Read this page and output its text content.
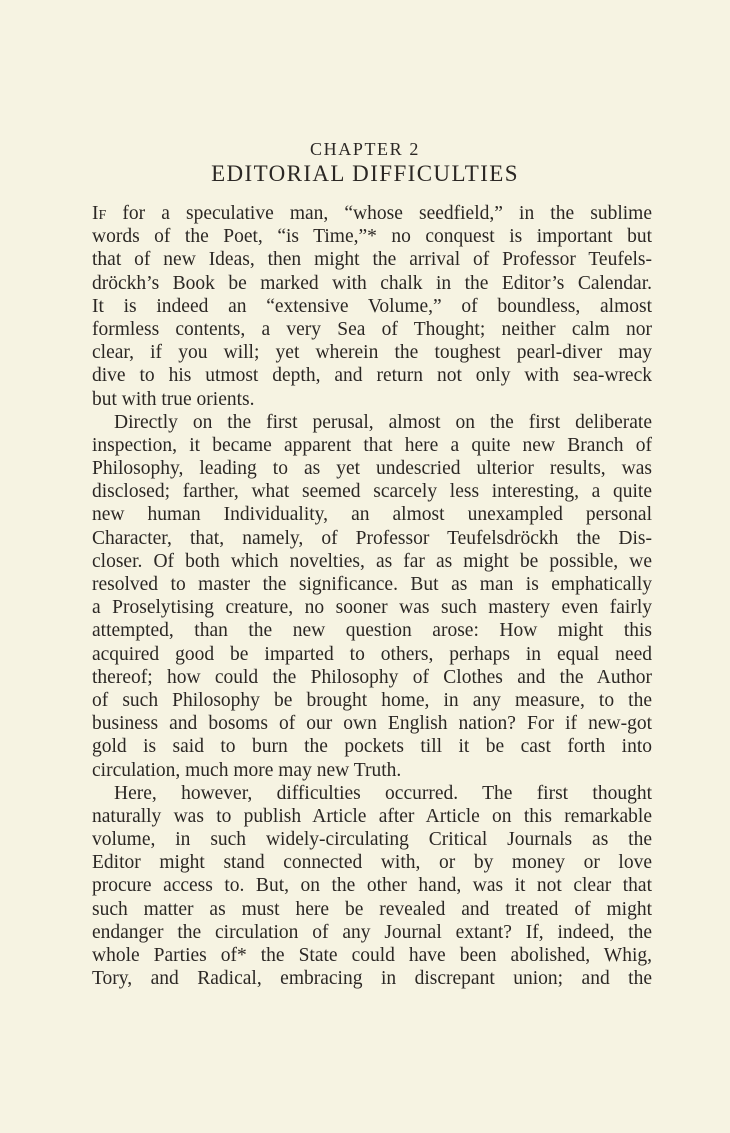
CHAPTER 2
EDITORIAL DIFFICULTIES
If for a speculative man, “whose seedfield,” in the sublime
words of the Poet, “is Time,”* no conquest is important but
that of new Ideas, then might the arrival of Professor Teufels-
dröckh’s Book be marked with chalk in the Editor’s Calendar.
It is indeed an “extensive Volume,” of boundless, almost
formless contents, a very Sea of Thought; neither calm nor
clear, if you will; yet wherein the toughest pearl-diver may
dive to his utmost depth, and return not only with sea-wreck
but with true orients.
Directly on the first perusal, almost on the first deliberate
inspection, it became apparent that here a quite new Branch of
Philosophy, leading to as yet undescried ulterior results, was
disclosed; farther, what seemed scarcely less interesting, a quite
new human Individuality, an almost unexampled personal
Character, that, namely, of Professor Teufelsdröckh the Dis-
closer. Of both which novelties, as far as might be possible, we
resolved to master the significance. But as man is emphatically
a Proselytising creature, no sooner was such mastery even fairly
attempted, than the new question arose: How might this
acquired good be imparted to others, perhaps in equal need
thereof; how could the Philosophy of Clothes and the Author
of such Philosophy be brought home, in any measure, to the
business and bosoms of our own English nation? For if new-got
gold is said to burn the pockets till it be cast forth into
circulation, much more may new Truth.
Here, however, difficulties occurred. The first thought
naturally was to publish Article after Article on this remarkable
volume, in such widely-circulating Critical Journals as the
Editor might stand connected with, or by money or love
procure access to. But, on the other hand, was it not clear that
such matter as must here be revealed and treated of might
endanger the circulation of any Journal extant? If, indeed, the
whole Parties of* the State could have been abolished, Whig,
Tory, and Radical, embracing in discrepant union; and the
